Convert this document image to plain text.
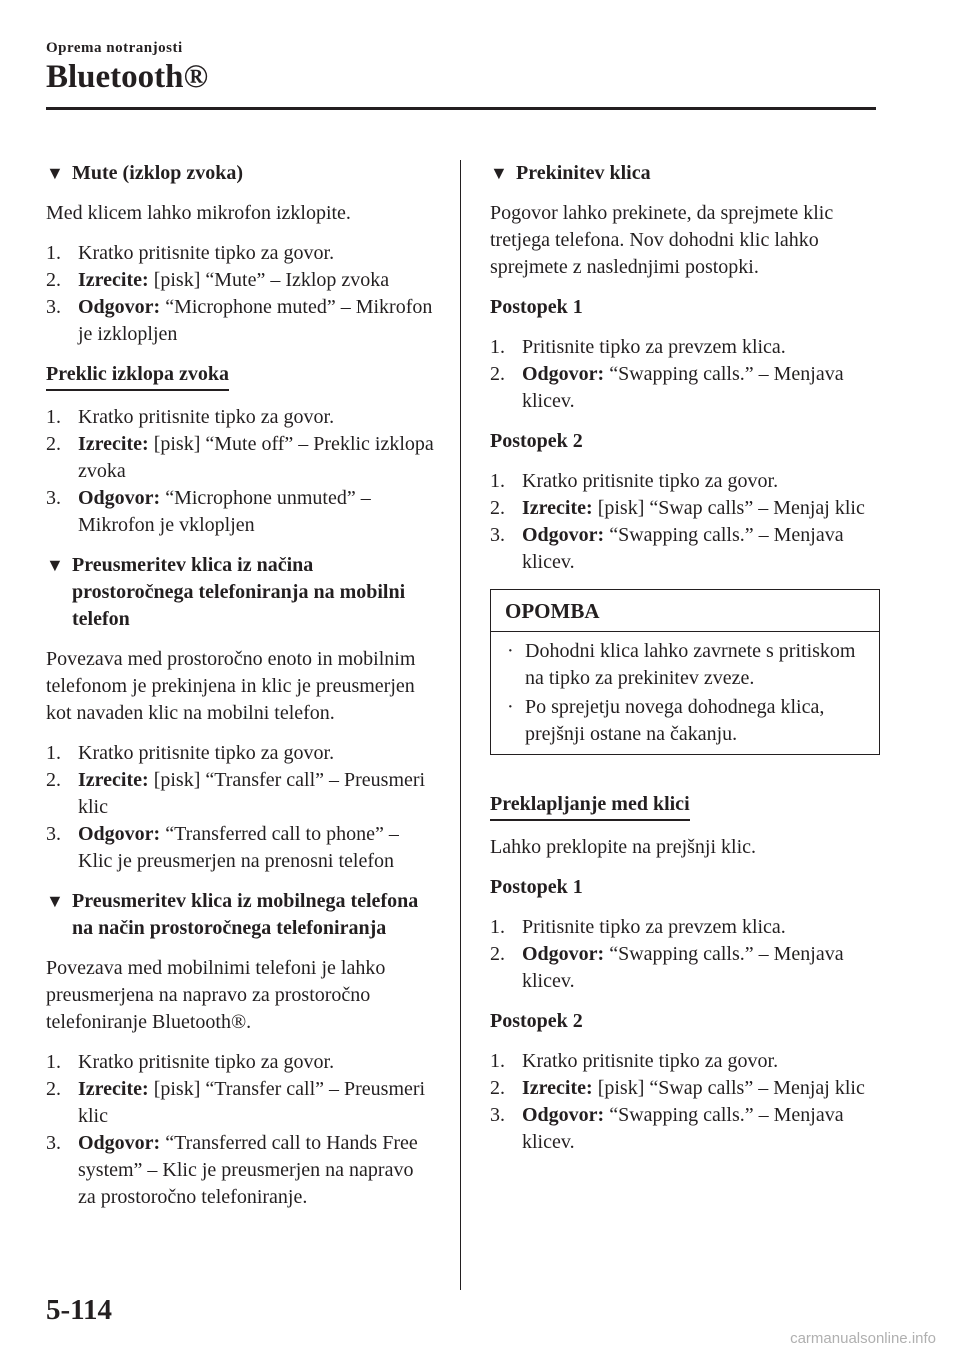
Oprema notranjosti

Bluetooth®
▼ Mute (izklop zvoka)

Med klicem lahko mikrofon izklopite.

1. Kratko pritisnite tipko za govor.
2. Izrecite: [pisk] “Mute” – Izklop zvoka
3. Odgovor: “Microphone muted” – Mikrofon je izklopljen
Preklic izklopa zvoka
1. Kratko pritisnite tipko za govor.
2. Izrecite: [pisk] “Mute off” – Preklic izklopa zvoka
3. Odgovor: “Microphone unmuted” – Mikrofon je vklopljen
▼ Preusmeritev klica iz načina prostoročnega telefoniranja na mobilni telefon

Povezava med prostoročno enoto in mobilnim telefonom je prekinjena in klic je preusmerjen kot navaden klic na mobilni telefon.

1. Kratko pritisnite tipko za govor.
2. Izrecite: [pisk] “Transfer call” – Preusmeri klic
3. Odgovor: “Transferred call to phone” – Klic je preusmerjen na prenosni telefon
▼ Preusmeritev klica iz mobilnega telefona na način prostoročnega telefoniranja

Povezava med mobilnimi telefoni je lahko preusmerjena na napravo za prostoročno telefoniranje Bluetooth®.

1. Kratko pritisnite tipko za govor.
2. Izrecite: [pisk] “Transfer call” – Preusmeri klic
3. Odgovor: “Transferred call to Hands Free system” – Klic je preusmerjen na napravo za prostoročno telefoniranje.
▼ Prekinitev klica

Pogovor lahko prekinete, da sprejmete klic tretjega telefona. Nov dohodni klic lahko sprejmete z naslednjimi postopki.

Postopek 1
1. Pritisnite tipko za prevzem klica.
2. Odgovor: “Swapping calls.” – Menjava klicev.
Postopek 2
1. Kratko pritisnite tipko za govor.
2. Izrecite: [pisk] “Swap calls” – Menjaj klic
3. Odgovor: “Swapping calls.” – Menjava klicev.
OPOMBA
· Dohodni klica lahko zavrnete s pritiskom na tipko za prekinitev zveze.
· Po sprejetju novega dohodnega klica, prejšnji ostane na čakanju.
Preklapljanje med klici

Lahko preklopite na prejšnji klic.

Postopek 1
1. Pritisnite tipko za prevzem klica.
2. Odgovor: “Swapping calls.” – Menjava klicev.
Postopek 2
1. Kratko pritisnite tipko za govor.
2. Izrecite: [pisk] “Swap calls” – Menjaj klic
3. Odgovor: “Swapping calls.” – Menjava klicev.
5-114
carmanualsonline.info
